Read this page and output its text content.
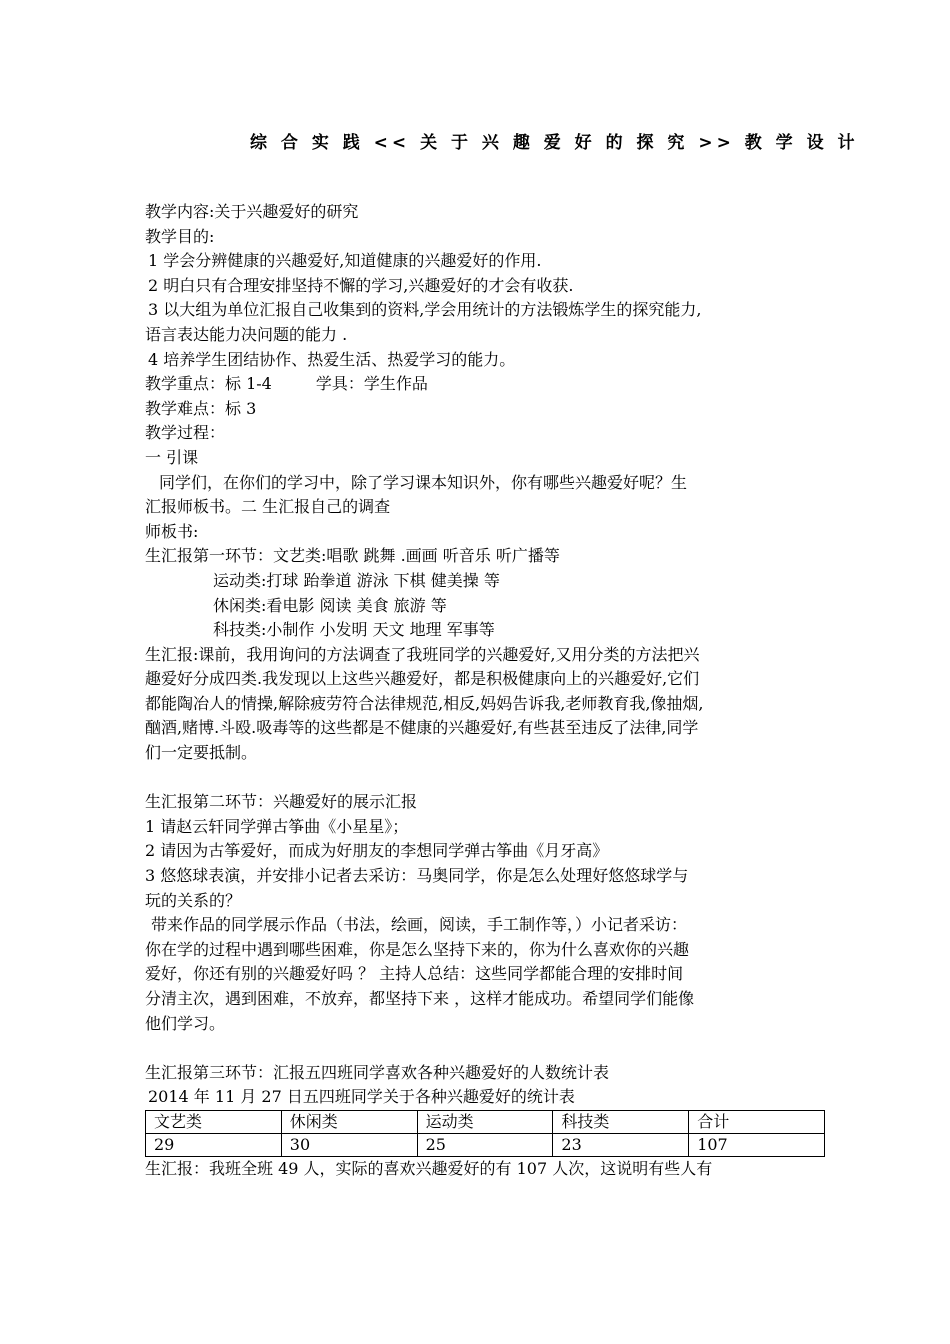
综 合 实 践 << 关 于 兴 趣 爱 好 的 探 究 >> 教 学 设 计
教学内容:关于兴趣爱好的研究
教学目的:
1 学会分辨健康的兴趣爱好,知道健康的兴趣爱好的作用.
2 明白只有合理安排坚持不懈的学习,兴趣爱好的才会有收获.
3 以大组为单位汇报自己收集到的资料,学会用统计的方法锻炼学生的探究能力,
语言表达能力决问题的能力 .
4 培养学生团结协作、热爱生活、热爱学习的能力。
教学重点：标 1-4	学具：学生作品
教学难点：标 3
教学过程：
一 引课
同学们，在你们的学习中，除了学习课本知识外，你有哪些兴趣爱好呢？生
汇报师板书。二 生汇报自己的调查
师板书:
生汇报第一环节：文艺类:唱歌 跳舞 .画画 听音乐 听广播等
运动类:打球 跆拳道 游泳 下棋 健美操 等
休闲类:看电影 阅读 美食 旅游 等
科技类:小制作 小发明 天文 地理 军事等
生汇报:课前，我用询问的方法调查了我班同学的兴趣爱好,又用分类的方法把兴
趣爱好分成四类.我发现以上这些兴趣爱好，都是积极健康向上的兴趣爱好,它们
都能陶冶人的情操,解除疲劳符合法律规范,相反,妈妈告诉我,老师教育我,像抽烟,
酗酒,赌博.斗殴.吸毒等的这些都是不健康的兴趣爱好,有些甚至违反了法律,同学
们一定要抵制。
生汇报第二环节：兴趣爱好的展示汇报
1 请赵云轩同学弹古筝曲《小星星》；
2 请因为古筝爱好，而成为好朋友的李想同学弹古筝曲《月牙高》
3 悠悠球表演，并安排小记者去采访：马奥同学，你是怎么处理好悠悠球学与
玩的关系的？
带来作品的同学展示作品（书法，绘画，阅读，手工制作等，）小记者采访：
你在学的过程中遇到哪些困难，你是怎么坚持下来的，你为什么喜欢你的兴趣
爱好，你还有别的兴趣爱好吗 ？ 主持人总结：这些同学都能合理的安排时间
分清主次，遇到困难，不放弃，都坚持下来 ，这样才能成功。希望同学们能像
他们学习。
生汇报第三环节：汇报五四班同学喜欢各种兴趣爱好的人数统计表
2014 年 11 月 27 日五四班同学关于各种兴趣爱好的统计表
文艺类	休闲类	运动类	科技类	合计
29	30	25	23	107
生汇报：我班全班 49 人，实际的喜欢兴趣爱好的有 107 人次，这说明有些人有
